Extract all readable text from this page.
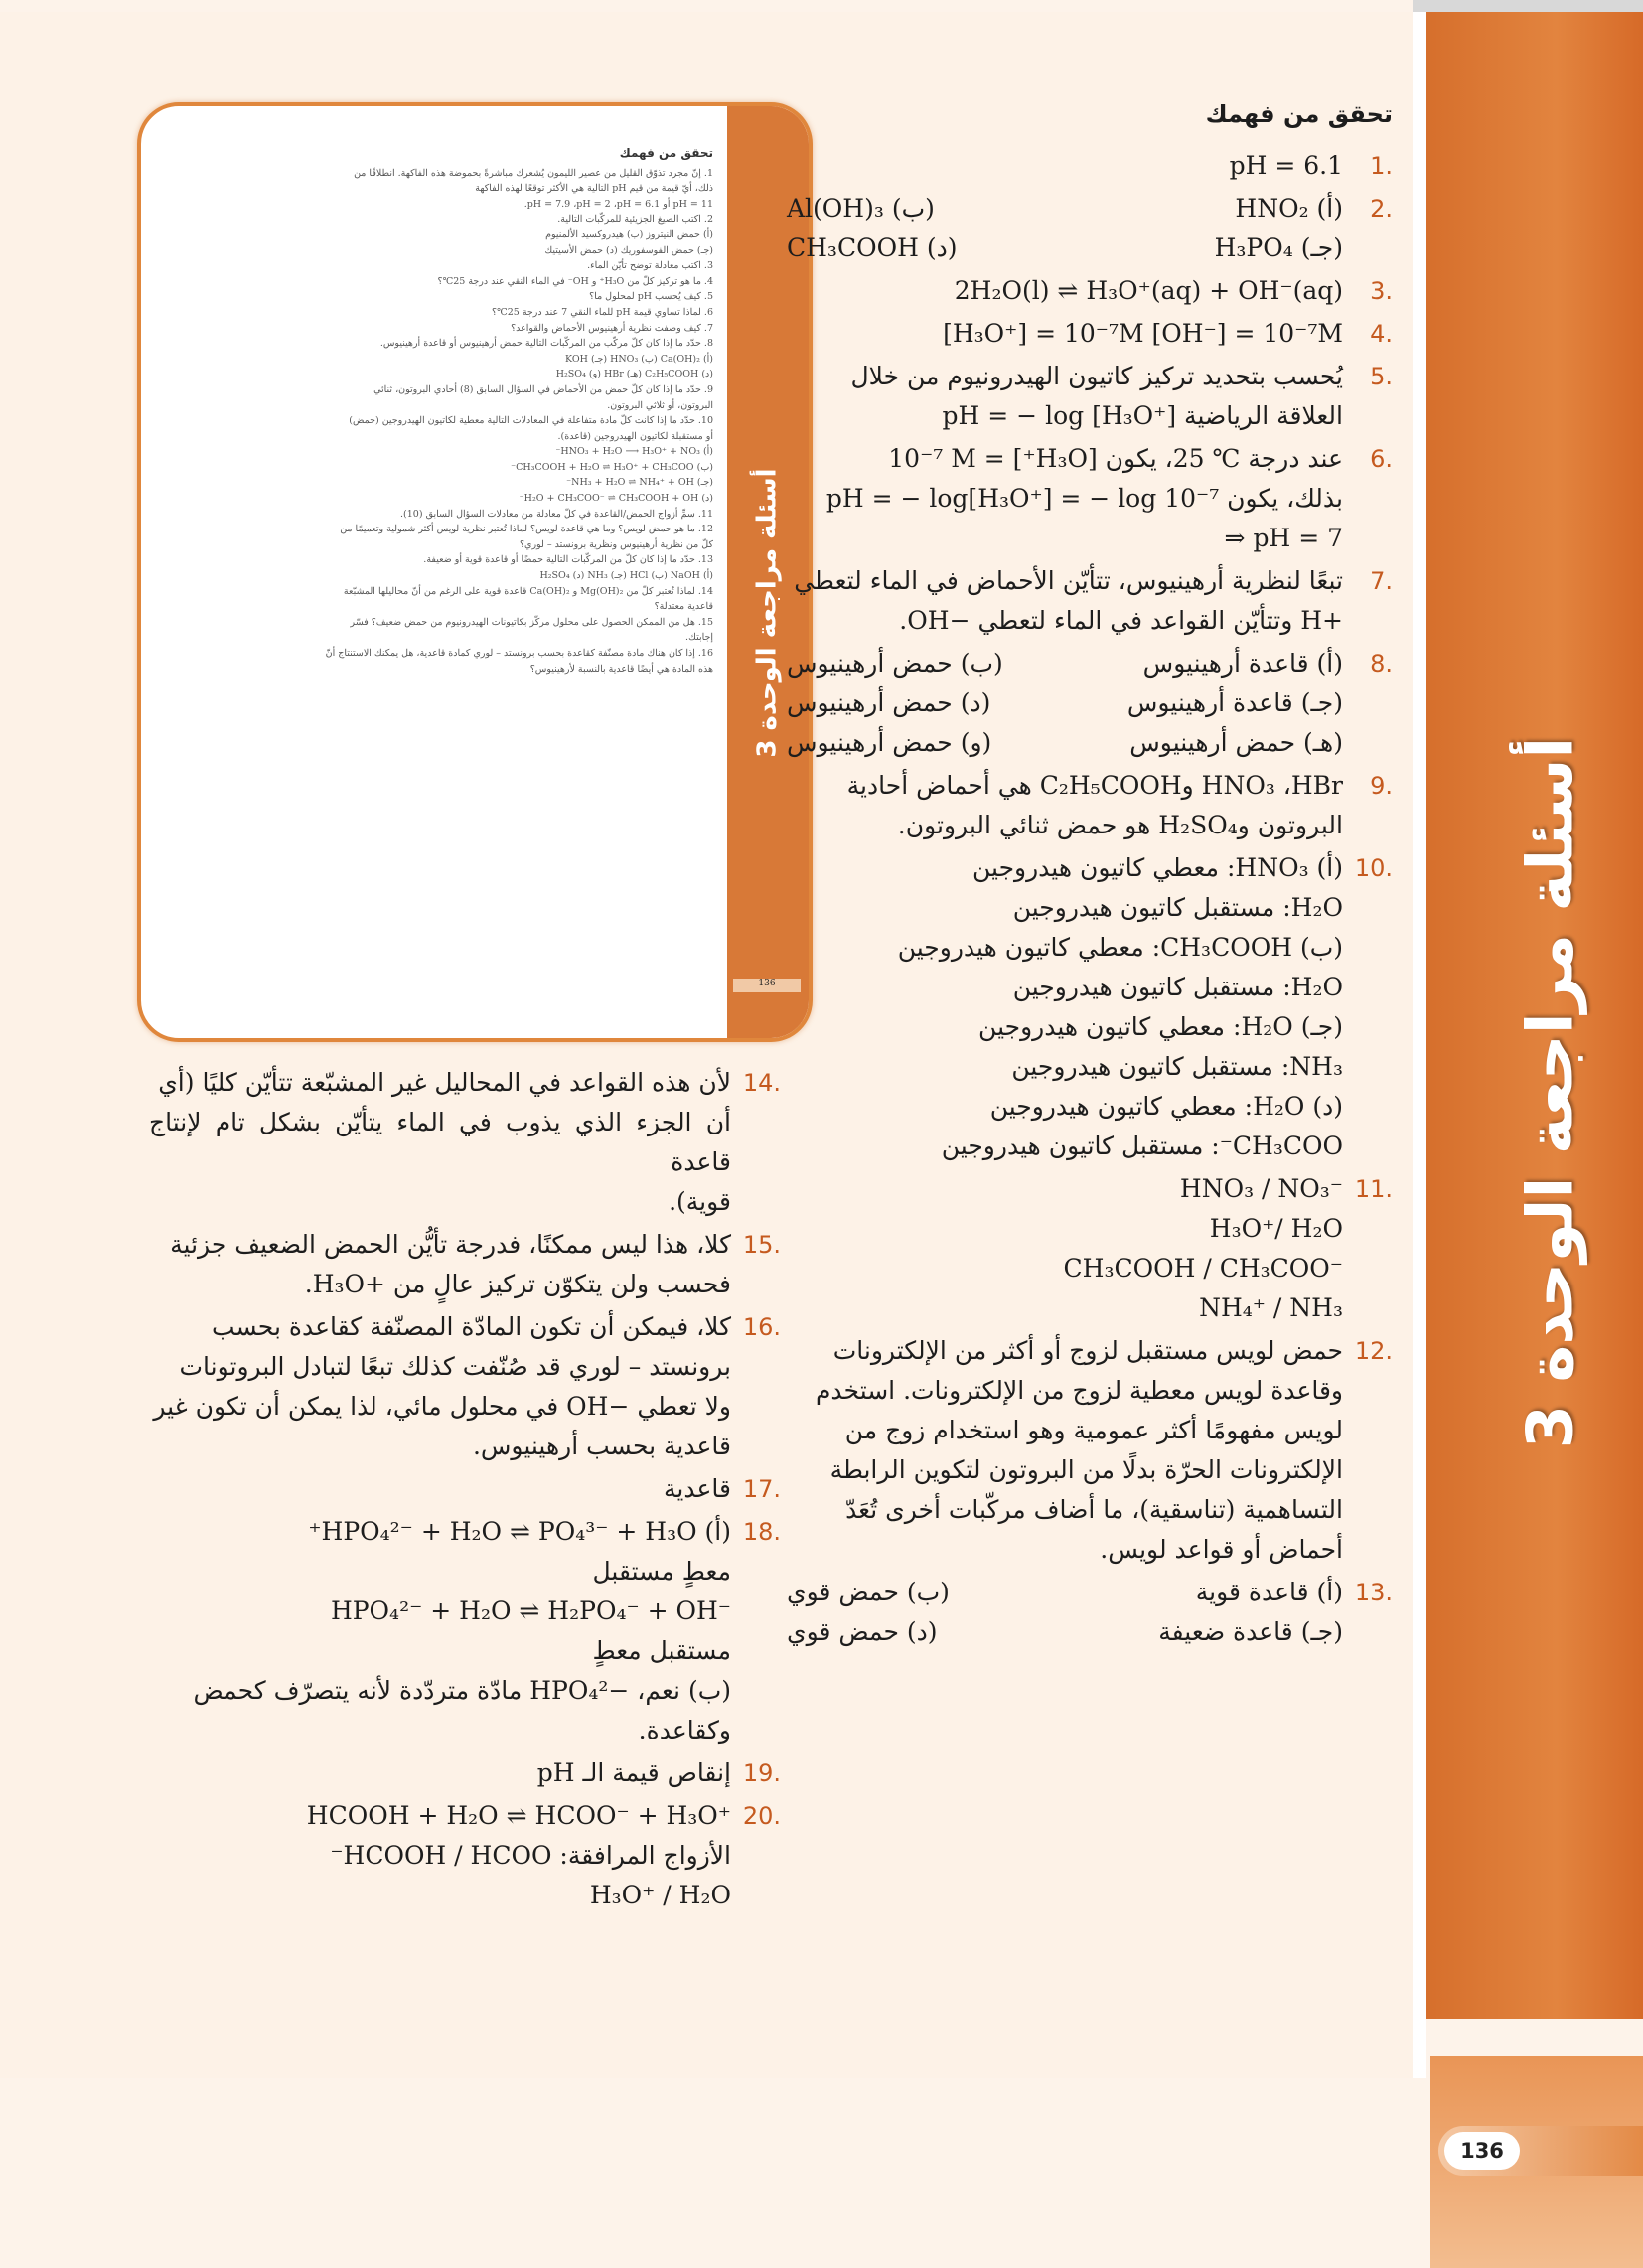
أسئلة مراجعة الوحدة 3
أسئلة مراجعة الوحدة 3
تحقق من فهمك
1. إنّ مجرد تذوّق القليل من عصير الليمون يُشعرك مباشرةً بحموضة هذه الفاكهة. انطلاقًا من
ذلك، أيّ قيمة من قيم pH التالية هي الأكثر توقعًا لهذه الفاكهة
pH = 11 أو pH = 7.9 ،pH = 2 ،pH = 6.1.
2. اكتب الصيغ الجزيئية للمركّبات التالية.
(أ) حمض النيتروز (ب) هيدروكسيد الألمنيوم
(جـ) حمض الفوسفوريك (د) حمض الأسيتيك
3. اكتب معادلة توضح تأيّن الماء.
4. ما هو تركيز كلّ من H₃O⁺ و OH⁻ في الماء النقي عند درجة 25℃؟
5. كيف يُحسب pH لمحلول ما؟
6. لماذا تساوي قيمة pH للماء النقي 7 عند درجة 25℃؟
7. كيف وصفت نظرية أرهينيوس الأحماض والقواعد؟
8. حدّد ما إذا كان كلّ مركّب من المركّبات التالية حمض أرهينيوس أو قاعدة أرهينيوس.
(أ) Ca(OH)₂ (ب) HNO₃ (جـ) KOH
(د) C₂H₅COOH (هـ) HBr (و) H₂SO₄
9. حدّد ما إذا كان كلّ حمض من الأحماض في السؤال السابق (8) أحادي البروتون، ثنائي
البروتون، أو ثلاثي البروتون.
10. حدّد ما إذا كانت كلّ مادة متفاعلة في المعادلات التالية معطية لكاتيون الهيدروجين (حمض)
أو مستقبلة لكاتيون الهيدروجين (قاعدة).
(أ) HNO₃ + H₂O ⟶ H₃O⁺ + NO₃⁻
(ب) CH₃COOH + H₂O ⇌ H₃O⁺ + CH₃COO⁻
(جـ) NH₃ + H₂O ⇌ NH₄⁺ + OH⁻
(د) H₂O + CH₃COO⁻ ⇌ CH₃COOH + OH⁻
11. سمِّ أزواج الحمض/القاعدة في كلّ معادلة من معادلات السؤال السابق (10).
12. ما هو حمض لويس؟ وما هي قاعدة لويس؟ لماذا تُعتبر نظرية لويس أكثر شمولية وتعميمًا من
كلّ من نظرية أرهينيوس ونظرية برونستد – لوري؟
13. حدّد ما إذا كان كلّ من المركّبات التالية حمضًا أو قاعدة قوية أو ضعيفة.
(أ) NaOH (ب) HCl (جـ) NH₃ (د) H₂SO₄
14. لماذا تُعتبر كلّ من Mg(OH)₂ و Ca(OH)₂ قاعدة قوية على الرغم من أنّ محاليلها المشبّعة
قاعدية معتدلة؟
15. هل من الممكن الحصول على محلول مركّز بكاتيونات الهيدرونيوم من حمض ضعيف؟ فسّر
إجابتك.
16. إذا كان هناك مادة مصنّفة كقاعدة بحسب برونستد – لوري كمادة قاعدية، هل يمكنك الاستنتاج أنّ
هذه المادة هي أيضًا قاعدية بالنسبة لأرهينيوس؟
136
تحقق من فهمك
.1
pH = 6.1
.2
(أ) HNO₂
(ب) Al(OH)₃
(جـ) H₃PO₄
(د) CH₃COOH
.3
2H₂O(l) ⇌ H₃O⁺(aq) + OH⁻(aq)
.4
[H₃O⁺] = 10⁻⁷M [OH⁻] = 10⁻⁷M
.5
يُحسب بتحديد تركيز كاتيون الهيدرونيوم من خلال
العلاقة الرياضية pH = − log [H₃O⁺]
.6
عند درجة ℃ 25، يكون [H₃O⁺] = 10⁻⁷ M
بذلك، يكون pH = − log[H₃O⁺] = − log 10⁻⁷
⇒ pH = 7
.7
تبعًا لنظرية أرهينيوس، تتأيّن الأحماض في الماء لتعطي
+H وتتأيّن القواعد في الماء لتعطي −OH.
.8
(أ) قاعدة أرهينيوس
(ب) حمض أرهينيوس
(جـ) قاعدة أرهينيوس
(د) حمض أرهينيوس
(هـ) حمض أرهينيوس
(و) حمض أرهينيوس
.9
HNO₃ ،HBr وC₂H₅COOH هي أحماض أحادية
البروتون وH₂SO₄ هو حمض ثنائي البروتون.
.10
(أ) HNO₃: معطي كاتيون هيدروجين
H₂O: مستقبل كاتيون هيدروجين
(ب) CH₃COOH: معطي كاتيون هيدروجين
H₂O: مستقبل كاتيون هيدروجين
(جـ) H₂O: معطي كاتيون هيدروجين
NH₃: مستقبل كاتيون هيدروجين
(د) H₂O: معطي كاتيون هيدروجين
CH₃COO⁻: مستقبل كاتيون هيدروجين
.11
HNO₃ / NO₃⁻
H₃O⁺/ H₂O
CH₃COOH / CH₃COO⁻
NH₄⁺ / NH₃
.12
حمض لويس مستقبل لزوج أو أكثر من الإلكترونات
وقاعدة لويس معطية لزوج من الإلكترونات. استخدم
لويس مفهومًا أكثر عمومية وهو استخدام زوج من
الإلكترونات الحرّة بدلًا من البروتون لتكوين الرابطة
التساهمية (تناسقية)، ما أضاف مركّبات أخرى تُعَدّ
أحماض أو قواعد لويس.
.13
(أ) قاعدة قوية
(ب) حمض قوي
(جـ) قاعدة ضعيفة
(د) حمض قوي
.14
لأن هذه القواعد في المحاليل غير المشبّعة تتأيّن كليًا (أي
أن الجزء الذي يذوب في الماء يتأيّن بشكل تام لإنتاج قاعدة
قوية).
.15
كلا، هذا ليس ممكنًا، فدرجة تأيُّن الحمض الضعيف جزئية
فحسب ولن يتكوّن تركيز عالٍ من +H₃O.
.16
كلا، فيمكن أن تكون المادّة المصنّفة كقاعدة بحسب
برونستد – لوري قد صُنّفت كذلك تبعًا لتبادل البروتونات
ولا تعطي −OH في محلول مائي، لذا يمكن أن تكون غير
قاعدية بحسب أرهينيوس.
.17
قاعدية
.18
(أ) HPO₄²⁻ + H₂O ⇌ PO₄³⁻ + H₃O⁺
معطٍ مستقبل
HPO₄²⁻ + H₂O ⇌ H₂PO₄⁻ + OH⁻
مستقبل معطٍ
(ب) نعم، −HPO₄² مادّة متردّدة لأنه يتصرّف كحمض
وكقاعدة.
.19
إنقاص قيمة الـ pH
.20
HCOOH + H₂O ⇌ HCOO⁻ + H₃O⁺
الأزواج المرافقة: HCOOH / HCOO⁻
H₃O⁺ / H₂O
136
